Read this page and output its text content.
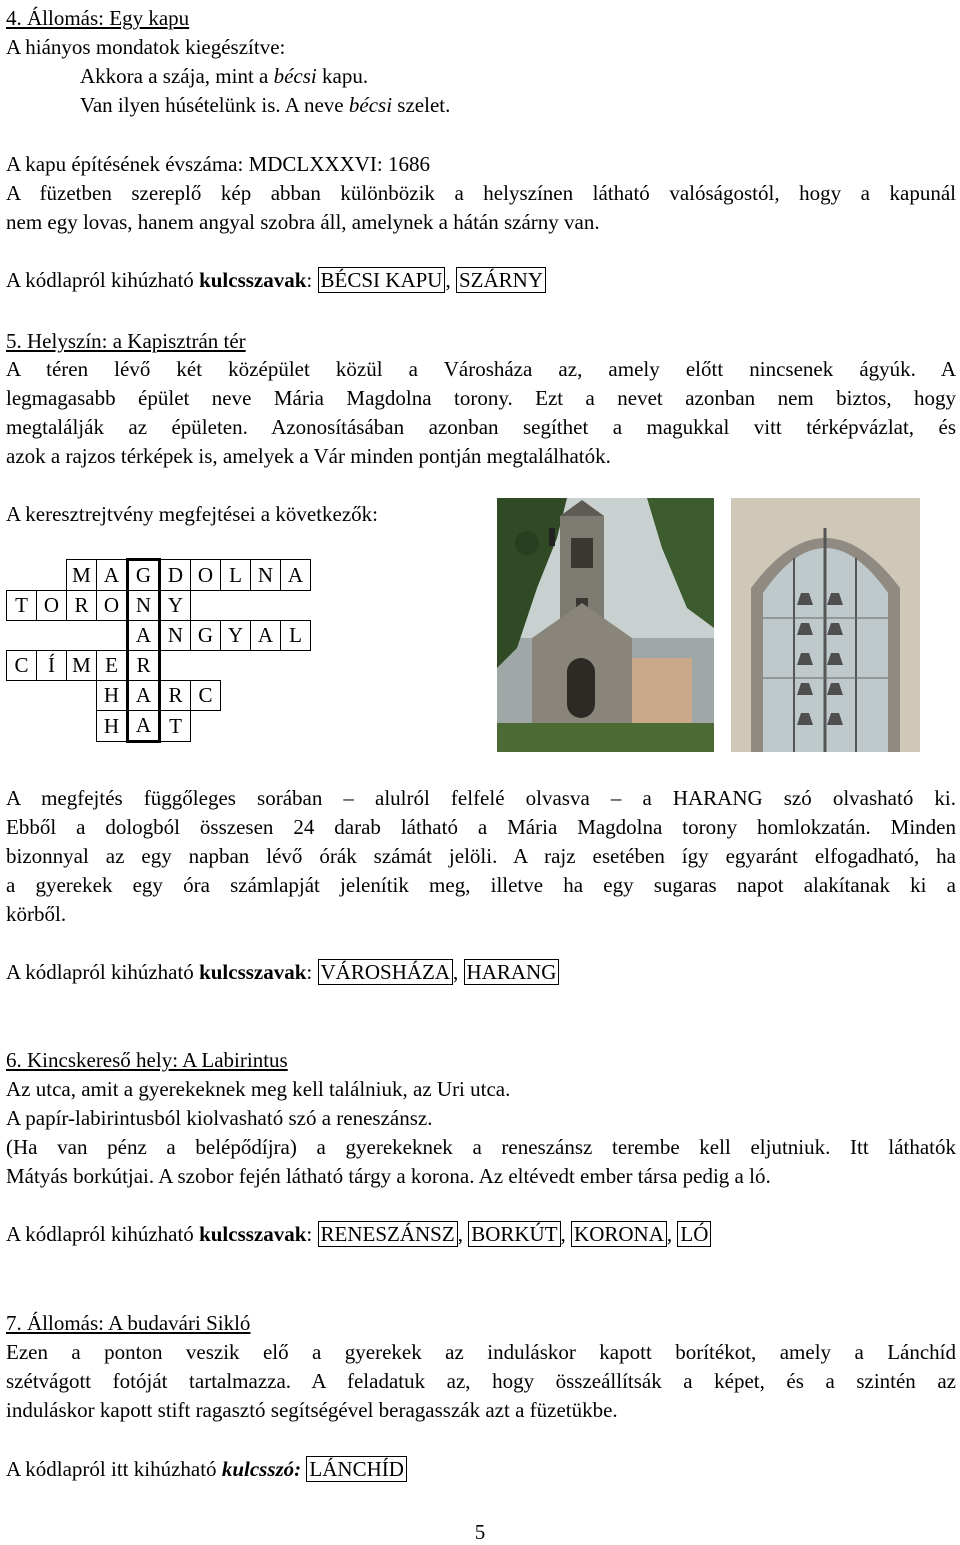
4. Állomás: Egy kapu
A hiányos mondatok kiegészítve:
Akkora a szája, mint a bécsi kapu.
Van ilyen húsételünk is. A neve bécsi szelet.
A kapu építésének évszáma: MDCLXXXVI: 1686
A füzetben szereplő kép abban különbözik a helyszínen látható valóságostól, hogy a kapunál
nem egy lovas, hanem angyal szobra áll, amelynek a hátán szárny van.
A kódlapról kihúzható kulcsszavak: BÉCSI KAPU , SZÁRNY
5. Helyszín: a Kapisztrán tér
A téren lévő két középület közül a Városháza az, amely előtt nincsenek ágyúk. A
legmagasabb épület neve Mária Magdolna torony. Ezt a nevet azonban nem biztos, hogy
megtalálják az épületen. Azonosításában azonban segíthet a magukkal vitt térképvázlat, és
azok a rajzos térképek is, amelyek a Vár minden pontján megtalálhatók.
A keresztrejtvény megfejtései a következők:
		M	A	G	D	O	L	N	A	
T	O	R	O	N	Y					
				A	N	G	Y	A	L	
C	Í	M	E	R						
			H	A	R	C				
			H	A	T					
A megfejtés függőleges sorában – alulról felfelé olvasva – a HARANG szó olvasható ki.
Ebből a dologból összesen 24 darab látható a Mária Magdolna torony homlokzatán. Minden
bizonnyal az egy napban lévő órák számát jelöli. A rajz esetében így egyaránt elfogadható, ha
a gyerekek egy óra számlapját jelenítik meg, illetve ha egy sugaras napot alakítanak ki a
körből.
A kódlapról kihúzható kulcsszavak: VÁROSHÁZA , HARANG
6. Kincskereső hely: A Labirintus
Az utca, amit a gyerekeknek meg kell találniuk, az Uri utca.
A papír-labirintusból kiolvasható szó a reneszánsz.
(Ha van pénz a belépődíjra) a gyerekeknek a reneszánsz terembe kell eljutniuk. Itt láthatók
Mátyás borkútjai. A szobor fején látható tárgy a korona. Az eltévedt ember társa pedig a ló.
A kódlapról kihúzható kulcsszavak: RENESZÁNSZ , BORKÚT , KORONA , LÓ
7. Állomás: A budavári Sikló
Ezen a ponton veszik elő a gyerekek az induláskor kapott borítékot, amely a Lánchíd
szétvágott fotóját tartalmazza. A feladatuk az, hogy összeállítsák a képet, és a szintén az
induláskor kapott stift ragasztó segítségével beragasszák azt a füzetükbe.
A kódlapról itt kihúzható kulcsszó: LÁNCHÍD
5
